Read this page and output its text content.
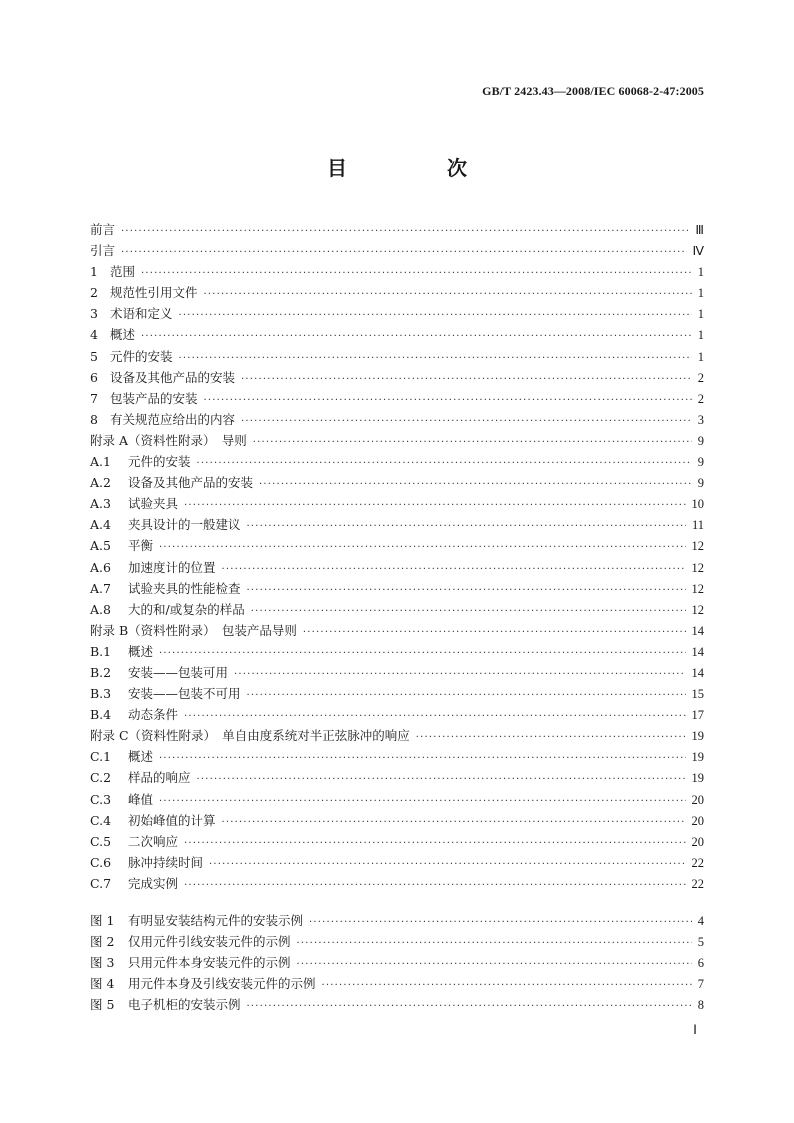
GB/T 2423.43—2008/IEC 60068-2-47:2005
目　次
前言 ·····	Ⅲ
引言 ·····	Ⅳ
1 范围 ·····	1
2 规范性引用文件 ·····	1
3 术语和定义 ·····	1
4 概述 ·····	1
5 元件的安装 ·····	1
6 设备及其他产品的安装 ·····	2
7 包装产品的安装 ·····	2
8 有关规范应给出的内容 ·····	3
附录 A（资料性附录）　导则 ·····	9
A.1	元件的安装 ·····	9
A.2	设备及其他产品的安装 ·····	9
A.3	试验夹具 ·····	10
A.4	夹具设计的一般建议 ·····	11
A.5	平衡 ·····	12
A.6	加速度计的位置 ·····	12
A.7	试验夹具的性能检查 ·····	12
A.8	大的和/或复杂的样品 ·····	12
附录 B（资料性附录）　包装产品导则 ·····	14
B.1	概述 ·····	14
B.2	安装——包装可用 ·····	14
B.3	安装——包装不可用 ·····	15
B.4	动态条件 ·····	17
附录 C（资料性附录）　单自由度系统对半正弦脉冲的响应 ·····	19
C.1	概述 ·····	19
C.2	样品的响应 ·····	19
C.3	峰值 ·····	20
C.4	初始峰值的计算 ·····	20
C.5	二次响应 ·····	20
C.6	脉冲持续时间 ·····	22
C.7	完成实例 ·····	22
图 1	有明显安装结构元件的安装示例 ·····	4
图 2	仅用元件引线安装元件的示例 ·····	5
图 3	只用元件本身安装元件的示例 ·····	6
图 4	用元件本身及引线安装元件的示例 ·····	7
图 5	电子机柜的安装示例 ·····	8
Ⅰ
